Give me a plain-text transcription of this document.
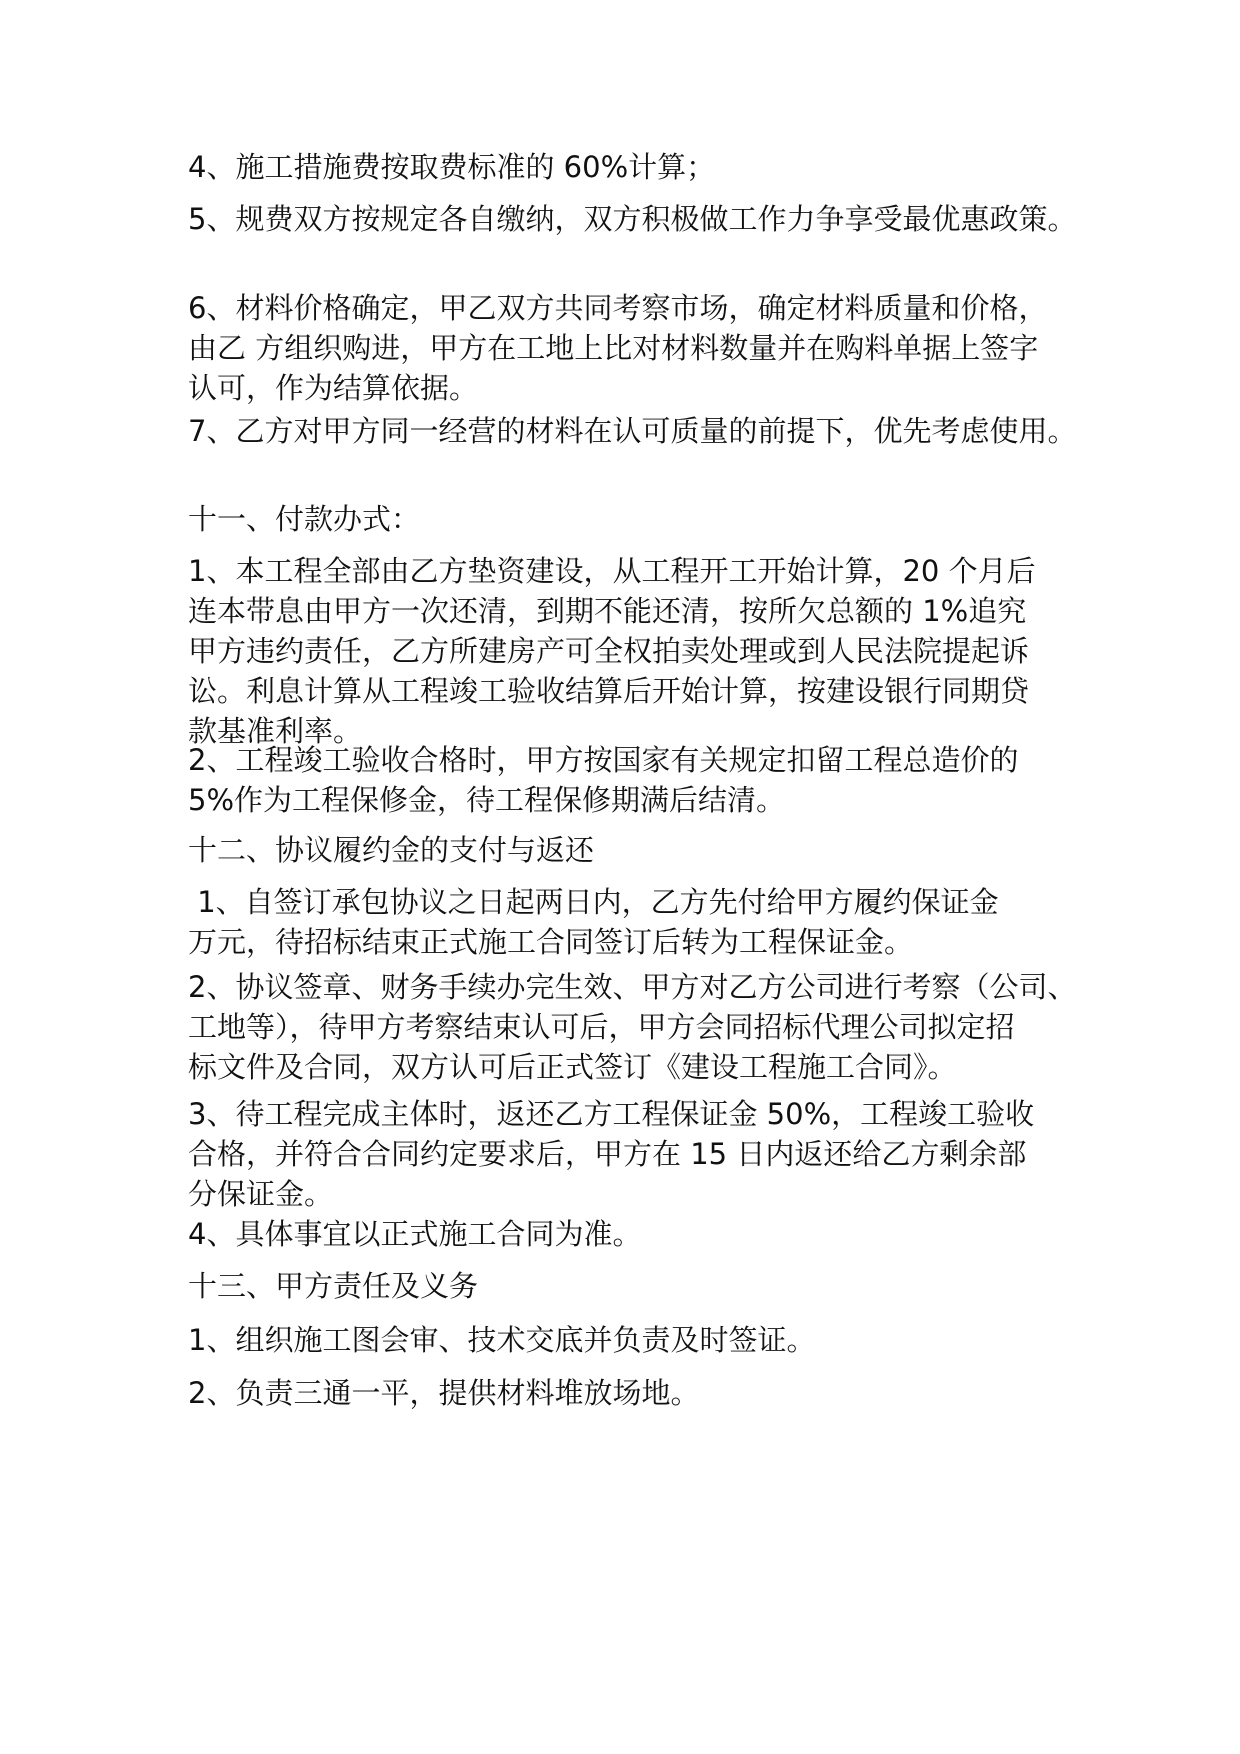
4、施工措施费按取费标准的 60%计算；

5、规费双方按规定各自缴纳，双方积极做工作力争享受最优惠政策。

6、材料价格确定，甲乙双方共同考察市场，确定材料质量和价格，
由乙 方组织购进，甲方在工地上比对材料数量并在购料单据上签字
认可，作为结算依据。

7、乙方对甲方同一经营的材料在认可质量的前提下，优先考虑使用。

十一、付款办式：

1、本工程全部由乙方垫资建设，从工程开工开始计算，20 个月后
连本带息由甲方一次还清，到期不能还清，按所欠总额的 1%追究
甲方违约责任，乙方所建房产可全权拍卖处理或到人民法院提起诉
讼。利息计算从工程竣工验收结算后开始计算，按建设银行同期贷
款基准利率。

2、工程竣工验收合格时，甲方按国家有关规定扣留工程总造价的
5%作为工程保修金，待工程保修期满后结清。

十二、协议履约金的支付与返还

1、自签订承包协议之日起两日内，乙方先付给甲方履约保证金
万元，待招标结束正式施工合同签订后转为工程保证金。

2、协议签章、财务手续办完生效、甲方对乙方公司进行考察（公司、
工地等），待甲方考察结束认可后，甲方会同招标代理公司拟定招
标文件及合同，双方认可后正式签订《建设工程施工合同》。

3、待工程完成主体时，返还乙方工程保证金 50%，工程竣工验收
合格，并符合合同约定要求后，甲方在 15 日内返还给乙方剩余部
分保证金。

4、具体事宜以正式施工合同为准。

十三、甲方责任及义务

1、组织施工图会审、技术交底并负责及时签证。

2、负责三通一平，提供材料堆放场地。
